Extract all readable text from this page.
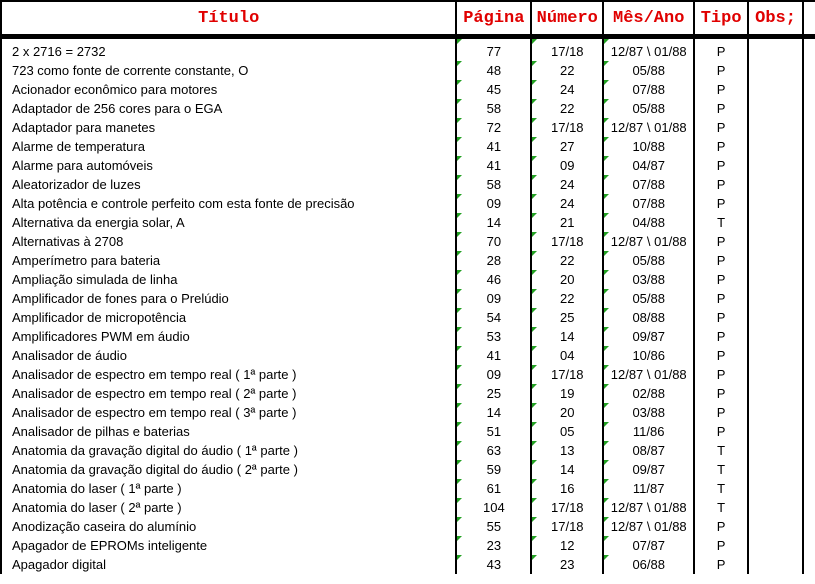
Título	Página	Número	Mês/Ano	Tipo	Obs;	
2 x 2716 = 2732	77	17/18	12/87 \ 01/88	P		
723 como fonte de corrente constante, O	48	22	05/88	P		
Acionador econômico para motores	45	24	07/88	P		
Adaptador de 256 cores para o EGA	58	22	05/88	P		
Adaptador para manetes	72	17/18	12/87 \ 01/88	P		
Alarme de temperatura	41	27	10/88	P		
Alarme para automóveis	41	09	04/87	P		
Aleatorizador de luzes	58	24	07/88	P		
Alta potência e controle perfeito com esta fonte de precisão	09	24	07/88	P		
Alternativa da energia solar, A	14	21	04/88	T		
Alternativas à 2708	70	17/18	12/87 \ 01/88	P		
Amperímetro para bateria	28	22	05/88	P		
Ampliação simulada de linha	46	20	03/88	P		
Amplificador de fones para o Prelúdio	09	22	05/88	P		
Amplificador de micropotência	54	25	08/88	P		
Amplificadores PWM em áudio	53	14	09/87	P		
Analisador de áudio	41	04	10/86	P		
Analisador de espectro em tempo real ( 1ª parte )	09	17/18	12/87 \ 01/88	P		
Analisador de espectro em tempo real ( 2ª parte )	25	19	02/88	P		
Analisador de espectro em tempo real ( 3ª parte )	14	20	03/88	P		
Analisador de pilhas e baterias	51	05	11/86	P		
Anatomia da gravação digital do áudio ( 1ª parte )	63	13	08/87	T		
Anatomia da gravação digital do áudio ( 2ª parte )	59	14	09/87	T		
Anatomia do laser ( 1ª parte )	61	16	11/87	T		
Anatomia do laser ( 2ª parte )	104	17/18	12/87 \ 01/88	T		
Anodização caseira do alumínio	55	17/18	12/87 \ 01/88	P		
Apagador de EPROMs inteligente	23	12	07/87	P		
Apagador digital	43	23	06/88	P		
